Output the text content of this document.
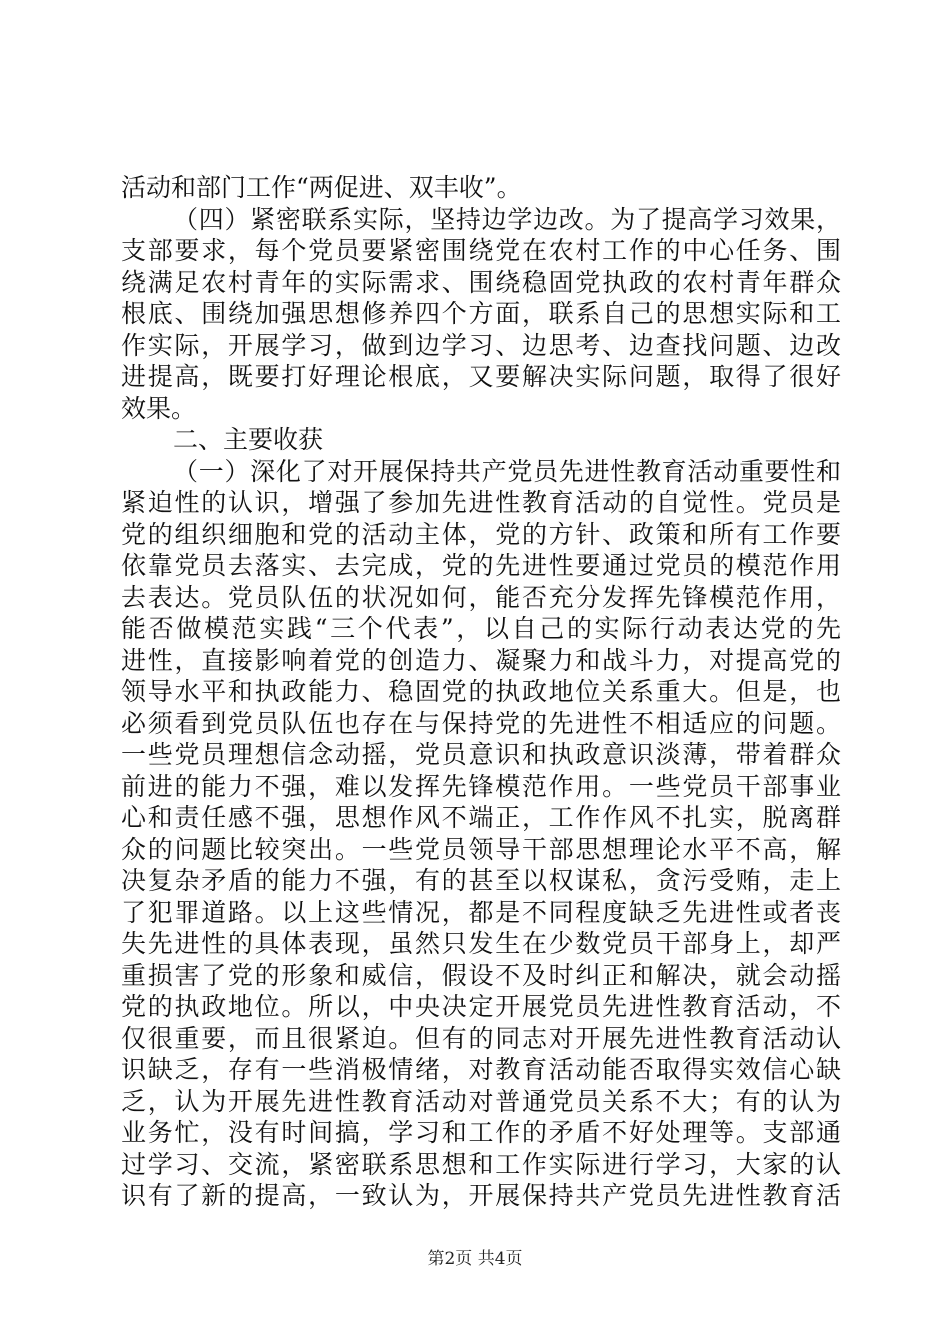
活动和部门工作“两促进、双丰收”。
（四）紧密联系实际，坚持边学边改。为了提高学习效果，
支部要求，每个党员要紧密围绕党在农村工作的中心任务、围
绕满足农村青年的实际需求、围绕稳固党执政的农村青年群众
根底、围绕加强思想修养四个方面，联系自己的思想实际和工
作实际，开展学习，做到边学习、边思考、边查找问题、边改
进提高，既要打好理论根底，又要解决实际问题，取得了很好
效果。
二、主要收获
（一）深化了对开展保持共产党员先进性教育活动重要性和
紧迫性的认识，增强了参加先进性教育活动的自觉性。党员是
党的组织细胞和党的活动主体，党的方针、政策和所有工作要
依靠党员去落实、去完成，党的先进性要通过党员的模范作用
去表达。党员队伍的状况如何，能否充分发挥先锋模范作用，
能否做模范实践“三个代表”，以自己的实际行动表达党的先
进性，直接影响着党的创造力、凝聚力和战斗力，对提高党的
领导水平和执政能力、稳固党的执政地位关系重大。但是，也
必须看到党员队伍也存在与保持党的先进性不相适应的问题。
一些党员理想信念动摇，党员意识和执政意识淡薄，带着群众
前进的能力不强，难以发挥先锋模范作用。一些党员干部事业
心和责任感不强，思想作风不端正，工作作风不扎实，脱离群
众的问题比较突出。一些党员领导干部思想理论水平不高，解
决复杂矛盾的能力不强，有的甚至以权谋私，贪污受贿，走上
了犯罪道路。以上这些情况，都是不同程度缺乏先进性或者丧
失先进性的具体表现，虽然只发生在少数党员干部身上，却严
重损害了党的形象和威信，假设不及时纠正和解决，就会动摇
党的执政地位。所以，中央决定开展党员先进性教育活动，不
仅很重要，而且很紧迫。但有的同志对开展先进性教育活动认
识缺乏，存有一些消极情绪，对教育活动能否取得实效信心缺
乏，认为开展先进性教育活动对普通党员关系不大；有的认为
业务忙，没有时间搞，学习和工作的矛盾不好处理等。支部通
过学习、交流，紧密联系思想和工作实际进行学习，大家的认
识有了新的提高，一致认为，开展保持共产党员先进性教育活
第2页 共4页
